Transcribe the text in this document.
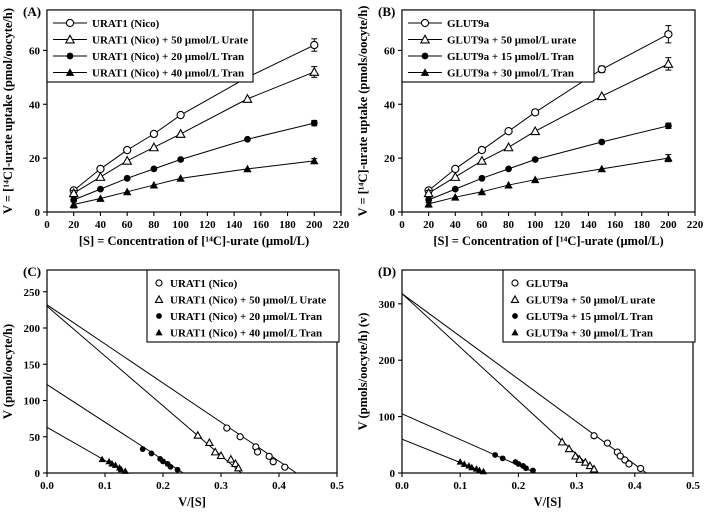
0 20 40 60 80 100 120 140 160 180 200 220
0
20
40
60
[S] = Concentration of [¹⁴C]-urate (μmol/L)
V = [¹⁴C]-urate uptake (pmol/oocyte/h) (A)
URAT1 (Nico)
URAT1 (Nico) + 50 μmol/L Urate
URAT1 (Nico) + 20 μmol/L Tran
URAT1 (Nico) + 40 μmol/L Tran
0 20 40 60 80 100 120 140 160 180 200 220
0
20
40
60
[S] = Concentration of [¹⁴C]-urate (μmol/L)
V = [¹⁴C]-urate uptake (pmols/oocyte/h) (B)
GLUT9a
GLUT9a + 50 μmol/L urate
GLUT9a + 15 μmol/L Tran
GLUT9a + 30 μmol/L Tran
0.0	0.1	0.2	0.3	0.4	0.5
0
50
100
150
200
250
V/[S]
V (pmol/oocyte/h)
(C)
URAT1 (Nico)
URAT1 (Nico) + 50 μmol/L Urate
URAT1 (Nico) + 20 μmol/L Tran
URAT1 (Nico) + 40 μmol/L Tran
0.0	0.1	0.2	0.3	0.4	0.5
0
100
200
300
V/[S]
V (pmols/oocyte/h) (v)
(D)
GLUT9a
GLUT9a + 50 μmol/L urate
GLUT9a + 15 μmol/L Tran
GLUT9a + 30 μmol/L Tran
